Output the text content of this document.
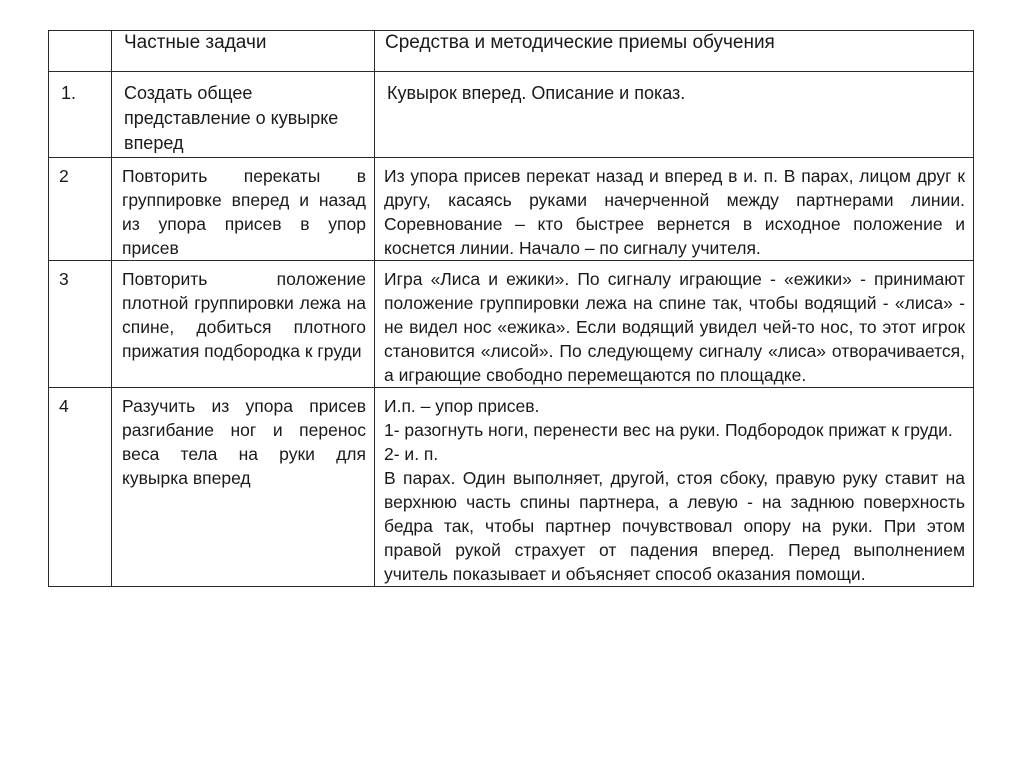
	Частные задачи	Средства и методические приемы обучения

1.	Создать общее представление о кувырке вперед	Кувырок вперед. Описание и показ.

2	Повторить перекаты в группировке вперед и назад из упора присев в упор присев	Из упора присев перекат назад и вперед в и. п. В парах, лицом друг к другу, касаясь руками начерченной между партнерами линии. Соревнование – кто быстрее вернется в исходное положение и коснется линии. Начало – по сигналу учителя.

3	Повторить положение плотной группировки лежа на спине, добиться плотного прижатия подбородка к груди	Игра «Лиса и ежики». По сигналу играющие - «ежики» - принимают положение группировки лежа на спине так, чтобы водящий - «лиса» - не видел нос «ежика». Если водящий увидел чей-то нос, то этот игрок становится «лисой». По следующему сигналу «лиса» отворачивается, а играющие свободно перемещаются по площадке.

4	Разучить из упора присев разгибание ног и перенос веса тела на руки для кувырка вперед	И.п. – упор присев.
1- разогнуть ноги, перенести вес на руки. Подбородок прижат к груди.
2- и. п.
В парах. Один выполняет, другой, стоя сбоку, правую руку ставит на верхнюю часть спины партнера, а левую - на заднюю поверхность бедра так, чтобы партнер почувствовал опору на руки. При этом правой рукой страхует от падения вперед. Перед выполнением учитель показывает и объясняет способ оказания помощи.
